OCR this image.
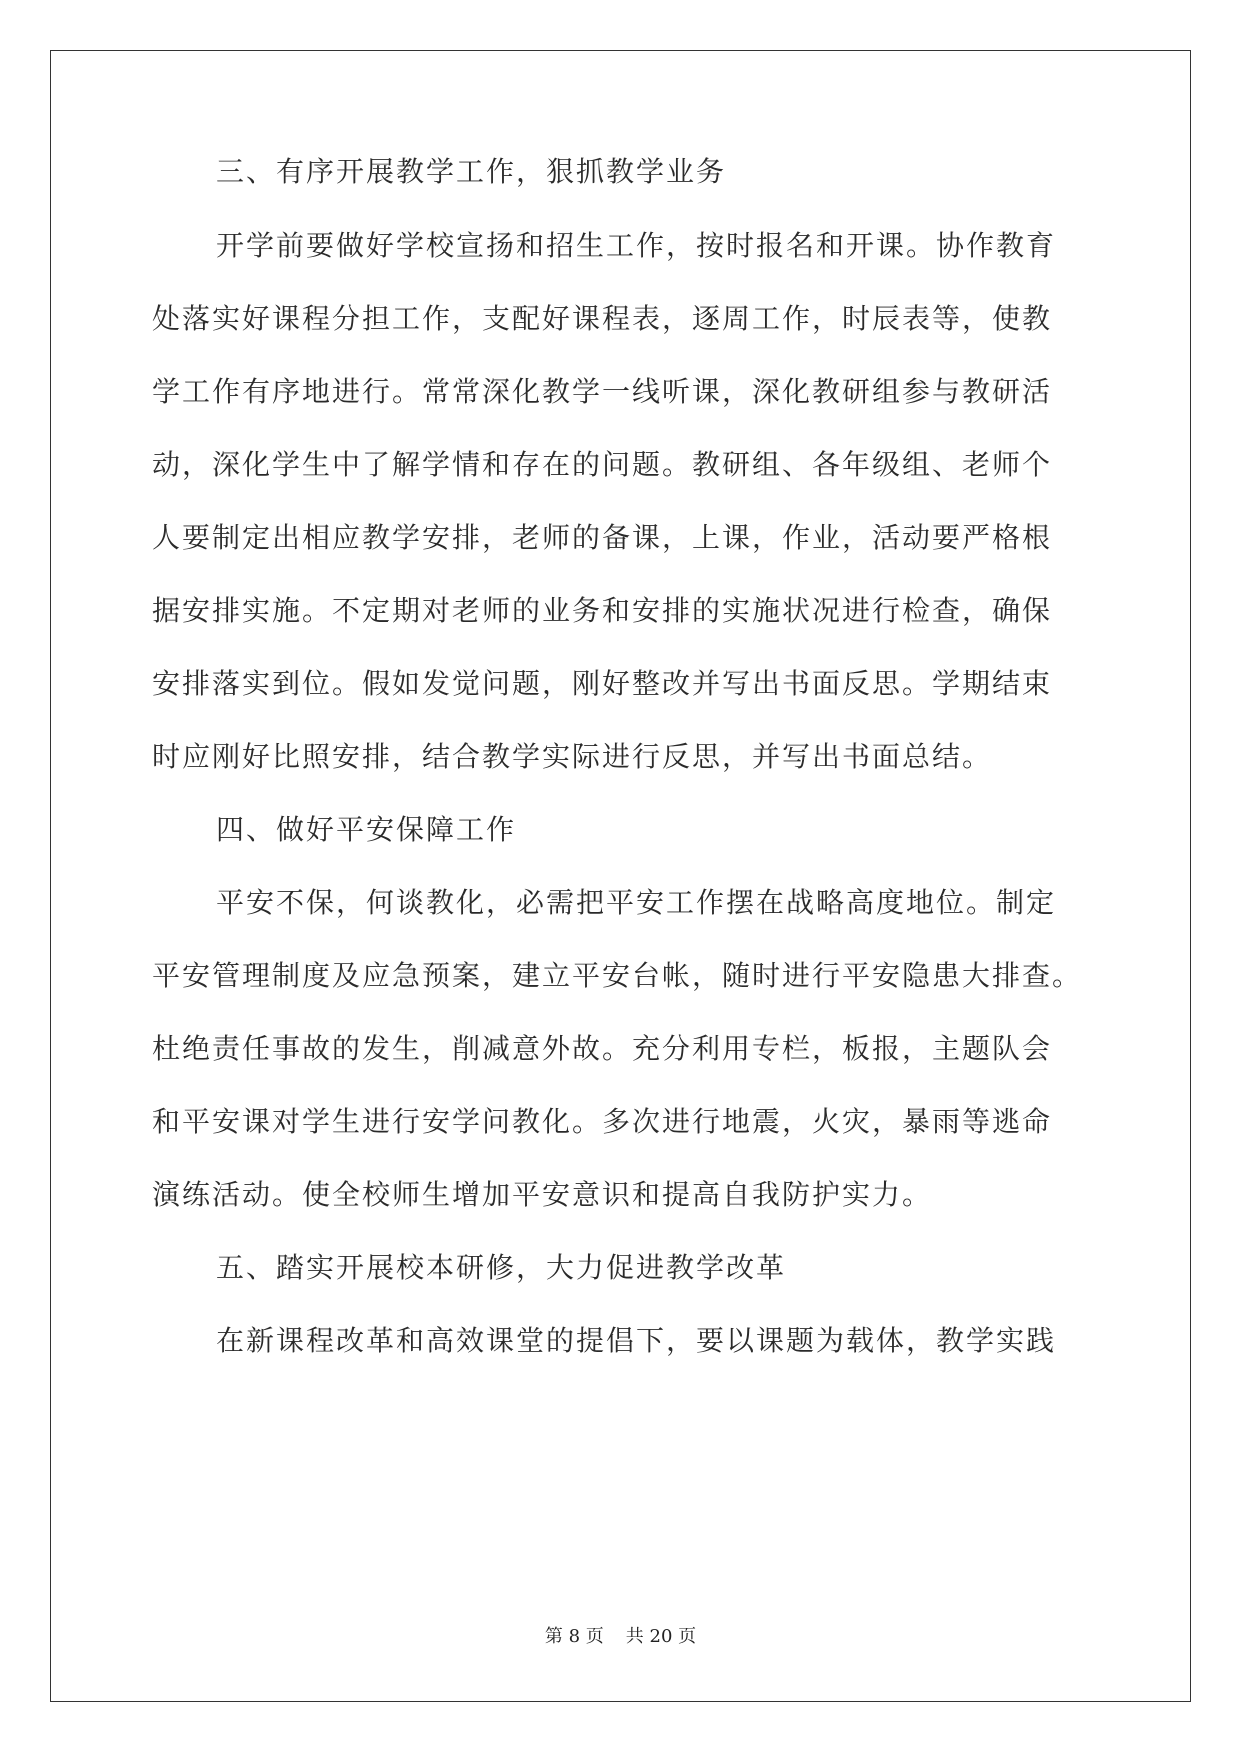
三、有序开展教学工作，狠抓教学业务
开学前要做好学校宣扬和招生工作，按时报名和开课。协作教育
处落实好课程分担工作，支配好课程表，逐周工作，时辰表等，使教
学工作有序地进行。常常深化教学一线听课，深化教研组参与教研活
动，深化学生中了解学情和存在的问题。教研组、各年级组、老师个
人要制定出相应教学安排，老师的备课，上课，作业，活动要严格根
据安排实施。不定期对老师的业务和安排的实施状况进行检查，确保
安排落实到位。假如发觉问题，刚好整改并写出书面反思。学期结束
时应刚好比照安排，结合教学实际进行反思，并写出书面总结。
四、做好平安保障工作
平安不保，何谈教化，必需把平安工作摆在战略高度地位。制定
平安管理制度及应急预案，建立平安台帐，随时进行平安隐患大排查。
杜绝责任事故的发生，削减意外故。充分利用专栏，板报，主题队会
和平安课对学生进行安学问教化。多次进行地震，火灾，暴雨等逃命
演练活动。使全校师生增加平安意识和提高自我防护实力。
五、踏实开展校本研修，大力促进教学改革
在新课程改革和高效课堂的提倡下，要以课题为载体，教学实践
第 8 页 共 20 页
